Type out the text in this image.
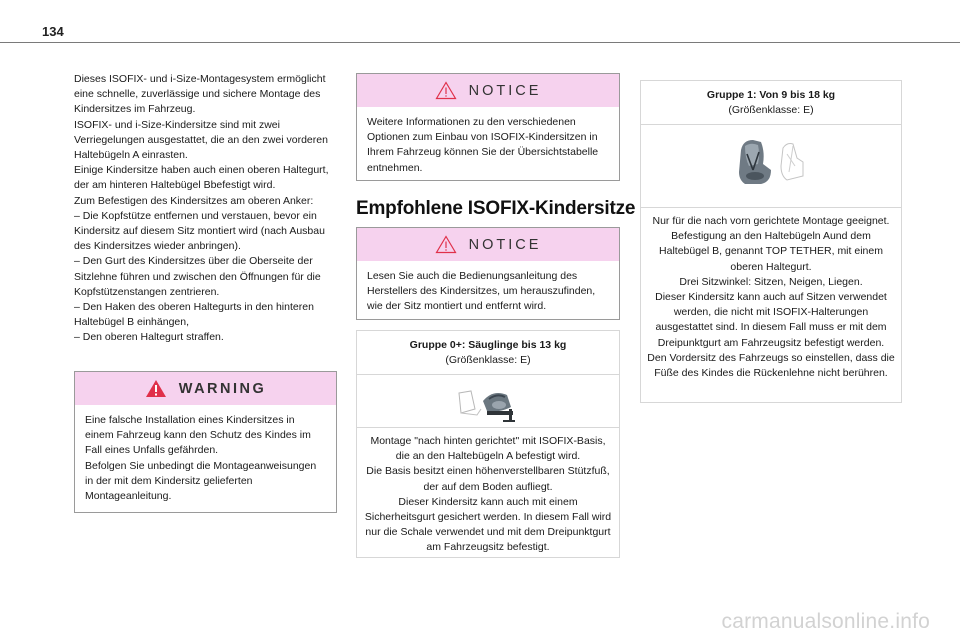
134

Dieses ISOFIX- und i-Size-Montagesystem ermöglicht eine schnelle, zuverlässige und sichere Montage des Kindersitzes im Fahrzeug.

ISOFIX- und i-Size-Kindersitze sind mit zwei Verriegelungen ausgestattet, die an den zwei vorderen Haltebügeln A einrasten.

Einige Kindersitze haben auch einen oberen Haltegurt, der am hinteren Haltebügel Bbefestigt wird.

Zum Befestigen des Kindersitzes am oberen Anker:

– Die Kopfstütze entfernen und verstauen, bevor ein Kindersitz auf diesem Sitz montiert wird (nach Ausbau des Kindersitzes wieder anbringen).

– Den Gurt des Kindersitzes über die Oberseite der Sitzlehne führen und zwischen den Öffnungen für die Kopfstützenstangen zentrieren.

– Den Haken des oberen Haltegurts in den hinteren Haltebügel B einhängen,

– Den oberen Haltegurt straffen.

WARNING

Eine falsche Installation eines Kindersitzes in einem Fahrzeug kann den Schutz des Kindes im Fall eines Unfalls gefährden.

Befolgen Sie unbedingt die Montageanweisungen in der mit dem Kindersitz gelieferten Montageanleitung.

NOTICE

Weitere Informationen zu den verschiedenen Optionen zum Einbau von ISOFIX-Kindersitzen in Ihrem Fahrzeug können Sie der Übersichtstabelle entnehmen.

Empfohlene ISOFIX-Kindersitze
NOTICE

Lesen Sie auch die Bedienungsanleitung des Herstellers des Kindersitzes, um herauszufinden, wie der Sitz montiert und entfernt wird.

Gruppe 0+: Säuglinge bis 13 kg
(Größenklasse: E)

Montage "nach hinten gerichtet" mit ISOFIX-Basis, die an den Haltebügeln A befestigt wird.

Die Basis besitzt einen höhenverstellbaren Stützfuß, der auf dem Boden aufliegt.

Dieser Kindersitz kann auch mit einem Sicherheitsgurt gesichert werden. In diesem Fall wird nur die Schale verwendet und mit dem Dreipunktgurt am Fahrzeugsitz befestigt.

Gruppe 1: Von 9 bis 18 kg
(Größenklasse: E)

Nur für die nach vorn gerichtete Montage geeignet. Befestigung an den Haltebügeln Aund dem Haltebügel B, genannt TOP TETHER, mit einem oberen Haltegurt.

Drei Sitzwinkel: Sitzen, Neigen, Liegen.

Dieser Kindersitz kann auch auf Sitzen verwendet werden, die nicht mit ISOFIX-Halterungen ausgestattet sind. In diesem Fall muss er mit dem Dreipunktgurt am Fahrzeugsitz befestigt werden.

Den Vordersitz des Fahrzeugs so einstellen, dass die Füße des Kindes die Rückenlehne nicht berühren.

carmanualsonline.info
